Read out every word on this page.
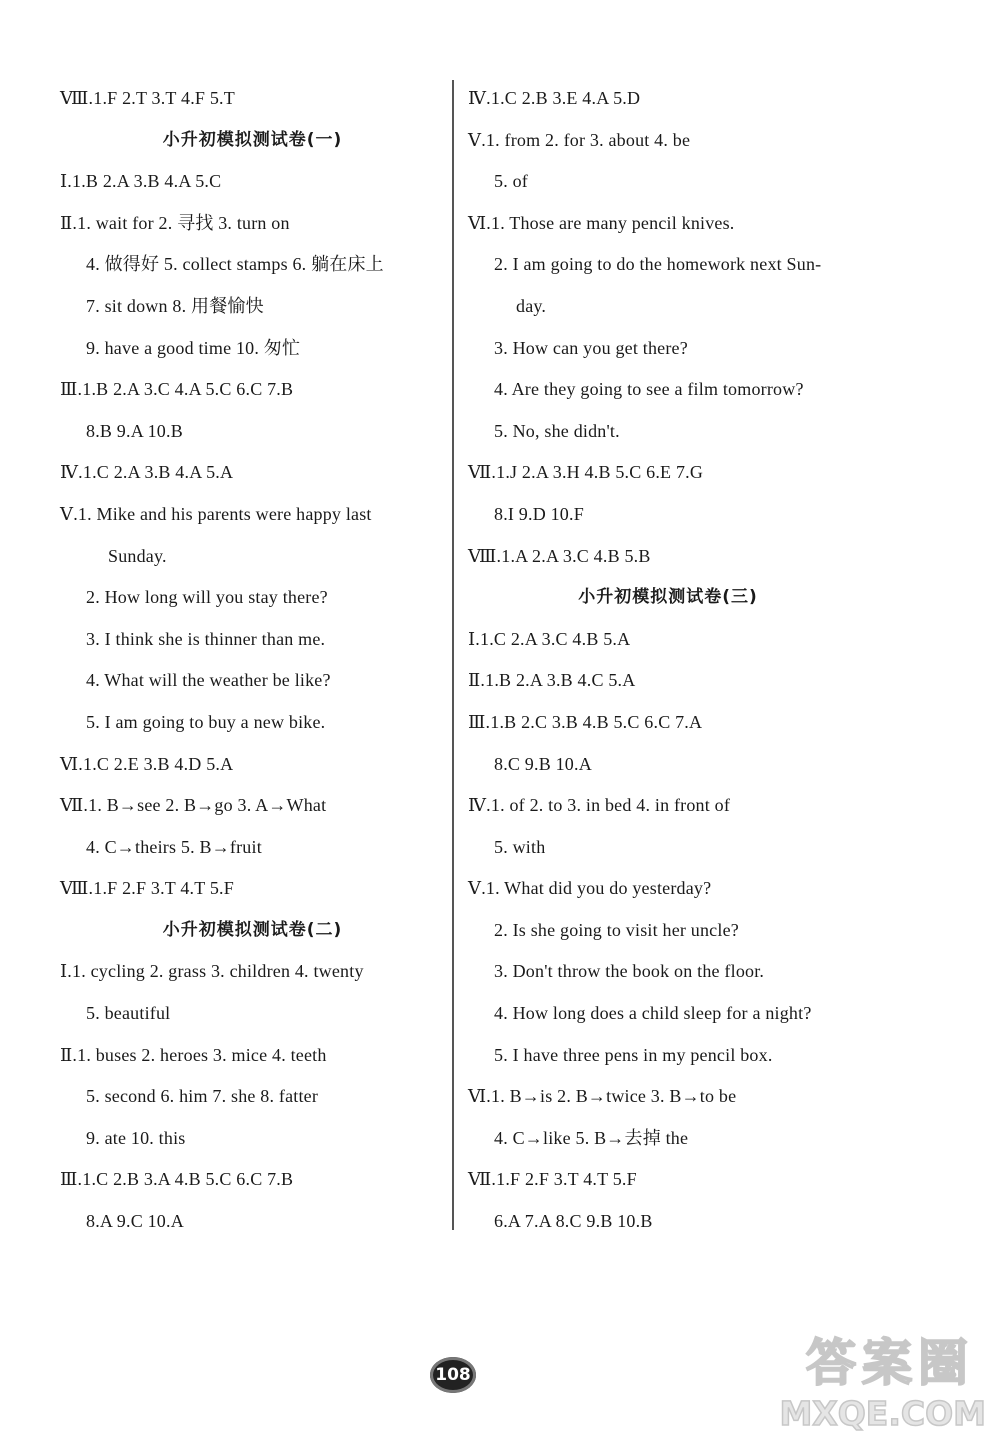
Ⅷ.1.F 2.T 3.T 4.F 5.T
小升初模拟测试卷(一)
Ⅰ.1.B 2.A 3.B 4.A 5.C
Ⅱ.1. wait for 2. 寻找 3. turn on
4. 做得好 5. collect stamps 6. 躺在床上
7. sit down 8. 用餐愉快
9. have a good time 10. 匆忙
Ⅲ.1.B 2.A 3.C 4.A 5.C 6.C 7.B
8.B 9.A 10.B
Ⅳ.1.C 2.A 3.B 4.A 5.A
Ⅴ.1. Mike and his parents were happy last
Sunday.
2. How long will you stay there?
3. I think she is thinner than me.
4. What will the weather be like?
5. I am going to buy a new bike.
Ⅵ.1.C 2.E 3.B 4.D 5.A
Ⅶ.1. B→see 2. B→go 3. A→What
4. C→theirs 5. B→fruit
Ⅷ.1.F 2.F 3.T 4.T 5.F
小升初模拟测试卷(二)
Ⅰ.1. cycling 2. grass 3. children 4. twenty
5. beautiful
Ⅱ.1. buses 2. heroes 3. mice 4. teeth
5. second 6. him 7. she 8. fatter
9. ate 10. this
Ⅲ.1.C 2.B 3.A 4.B 5.C 6.C 7.B
8.A 9.C 10.A
Ⅳ.1.C 2.B 3.E 4.A 5.D
Ⅴ.1. from 2. for 3. about 4. be
5. of
Ⅵ.1. Those are many pencil knives.
2. I am going to do the homework next Sun-
day.
3. How can you get there?
4. Are they going to see a film tomorrow?
5. No, she didn't.
Ⅶ.1.J 2.A 3.H 4.B 5.C 6.E 7.G
8.I 9.D 10.F
Ⅷ.1.A 2.A 3.C 4.B 5.B
小升初模拟测试卷(三)
Ⅰ.1.C 2.A 3.C 4.B 5.A
Ⅱ.1.B 2.A 3.B 4.C 5.A
Ⅲ.1.B 2.C 3.B 4.B 5.C 6.C 7.A
8.C 9.B 10.A
Ⅳ.1. of 2. to 3. in bed 4. in front of
5. with
Ⅴ.1. What did you do yesterday?
2. Is she going to visit her uncle?
3. Don't throw the book on the floor.
4. How long does a child sleep for a night?
5. I have three pens in my pencil box.
Ⅵ.1. B→is 2. B→twice 3. B→to be
4. C→like 5. B→去掉 the
Ⅶ.1.F 2.F 3.T 4.T 5.F
6.A 7.A 8.C 9.B 10.B
108	答案圈
MXQE.COM
